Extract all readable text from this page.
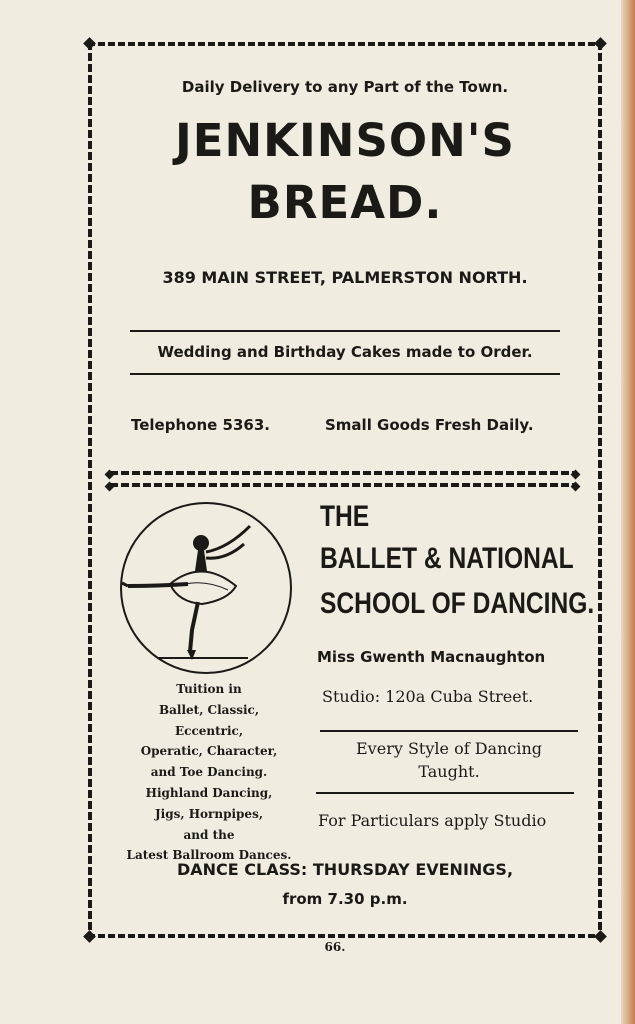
Daily Delivery to any Part of the Town.
JENKINSON'S
BREAD.
389 MAIN STREET, PALMERSTON NORTH.
Wedding and Birthday Cakes made to Order.
Telephone 5363.	Small Goods Fresh Daily.
THE
BALLET & NATIONAL
SCHOOL OF DANCING.
Miss Gwenth Macnaughton
Studio: 120a Cuba Street.
Every Style of Dancing
Taught.
For Particulars apply Studio
Tuition in
Ballet, Classic,
Eccentric,
Operatic, Character,
and Toe Dancing.
Highland Dancing,
Jigs, Hornpipes,
and the
Latest Ballroom Dances.
DANCE CLASS: THURSDAY EVENINGS,
from 7.30 p.m.
66.
